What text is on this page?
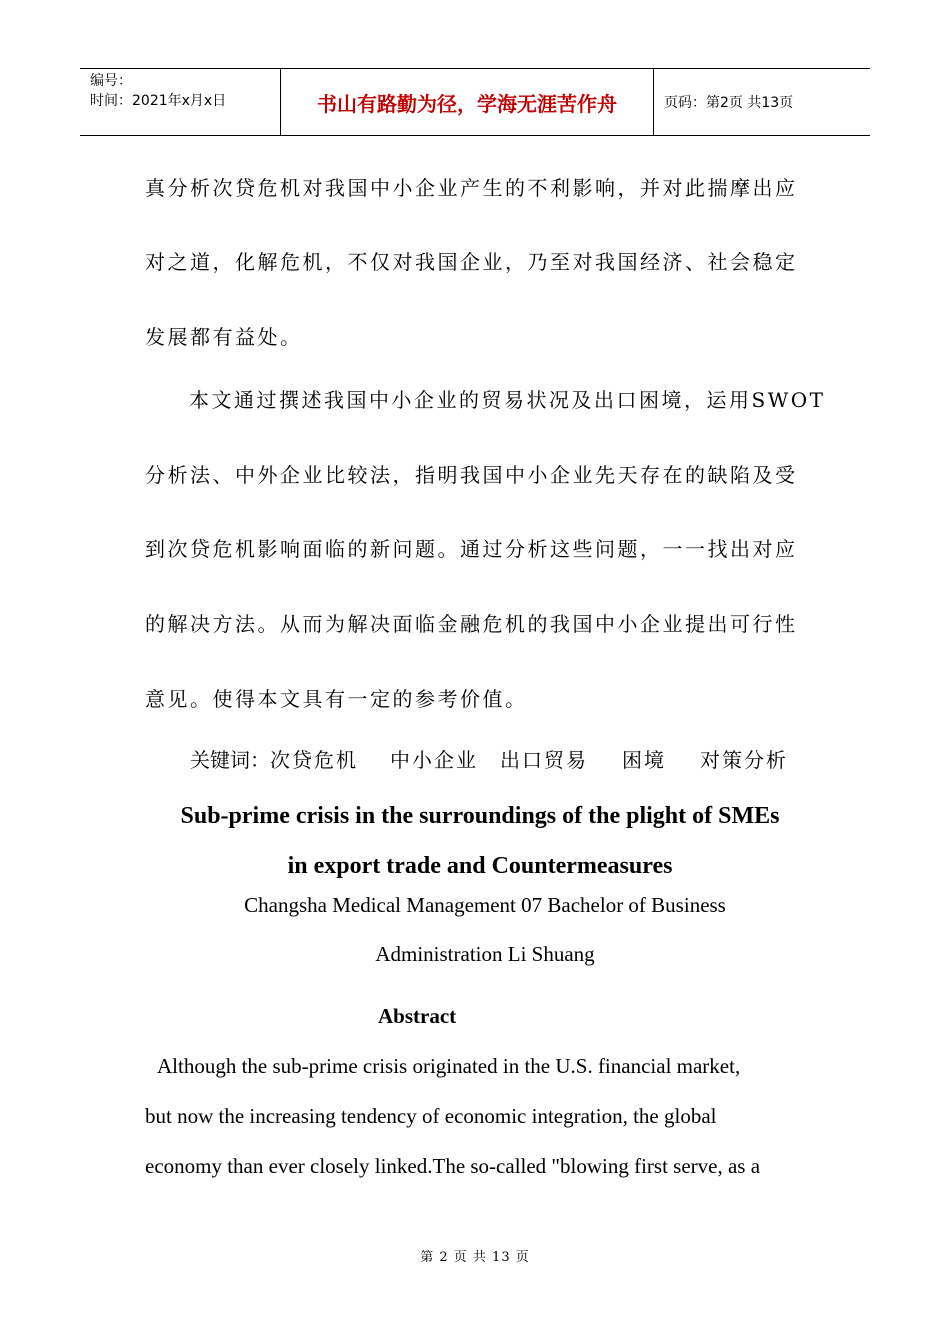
编号：
时间：2021年x月x日	书山有路勤为径，学海无涯苦作舟	页码：第2页 共13页
真分析次贷危机对我国中小企业产生的不利影响，并对此揣摩出应
对之道，化解危机，不仅对我国企业，乃至对我国经济、社会稳定
发展都有益处。
本文通过撰述我国中小企业的贸易状况及出口困境，运用SWOT
分析法、中外企业比较法，指明我国中小企业先天存在的缺陷及受
到次贷危机影响面临的新问题。通过分析这些问题，一一找出对应
的解决方法。从而为解决面临金融危机的我国中小企业提出可行性
意见。使得本文具有一定的参考价值。
关键词：次贷危机 中小企业 出口贸易 困境 对策分析
Sub-prime crisis in the surroundings of the plight of SMEs
in export trade and Countermeasures
Changsha Medical Management 07 Bachelor of Business
Administration Li Shuang
Abstract
Although the sub-prime crisis originated in the U.S. financial market,
but now the increasing tendency of economic integration, the global
economy than ever closely linked.The so-called "blowing first serve, as a
第 2 页 共 13 页
